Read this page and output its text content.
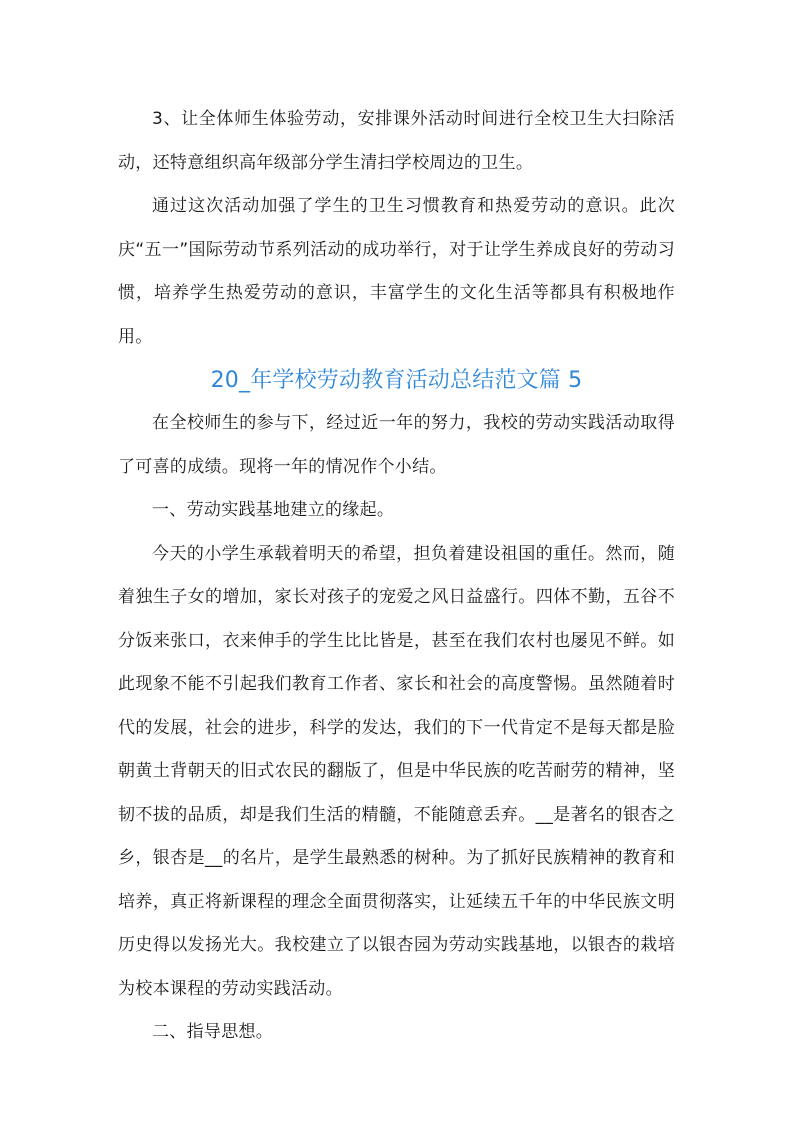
3、让全体师生体验劳动，安排课外活动时间进行全校卫生大扫除活动，还特意组织高年级部分学生清扫学校周边的卫生。

通过这次活动加强了学生的卫生习惯教育和热爱劳动的意识。此次庆“五一”国际劳动节系列活动的成功举行，对于让学生养成良好的劳动习惯，培养学生热爱劳动的意识，丰富学生的文化生活等都具有积极地作用。

20_年学校劳动教育活动总结范文篇 5

在全校师生的参与下，经过近一年的努力，我校的劳动实践活动取得了可喜的成绩。现将一年的情况作个小结。

一、劳动实践基地建立的缘起。

今天的小学生承载着明天的希望，担负着建设祖国的重任。然而，随着独生子女的增加，家长对孩子的宠爱之风日益盛行。四体不勤，五谷不分饭来张口，衣来伸手的学生比比皆是，甚至在我们农村也屡见不鲜。如此现象不能不引起我们教育工作者、家长和社会的高度警惕。虽然随着时代的发展，社会的进步，科学的发达，我们的下一代肯定不是每天都是脸朝黄土背朝天的旧式农民的翻版了，但是中华民族的吃苦耐劳的精神，坚韧不拔的品质，却是我们生活的精髓，不能随意丢弃。__是著名的银杏之乡，银杏是__的名片，是学生最熟悉的树种。为了抓好民族精神的教育和培养，真正将新课程的理念全面贯彻落实，让延续五千年的中华民族文明历史得以发扬光大。我校建立了以银杏园为劳动实践基地，以银杏的栽培为校本课程的劳动实践活动。

二、指导思想。
